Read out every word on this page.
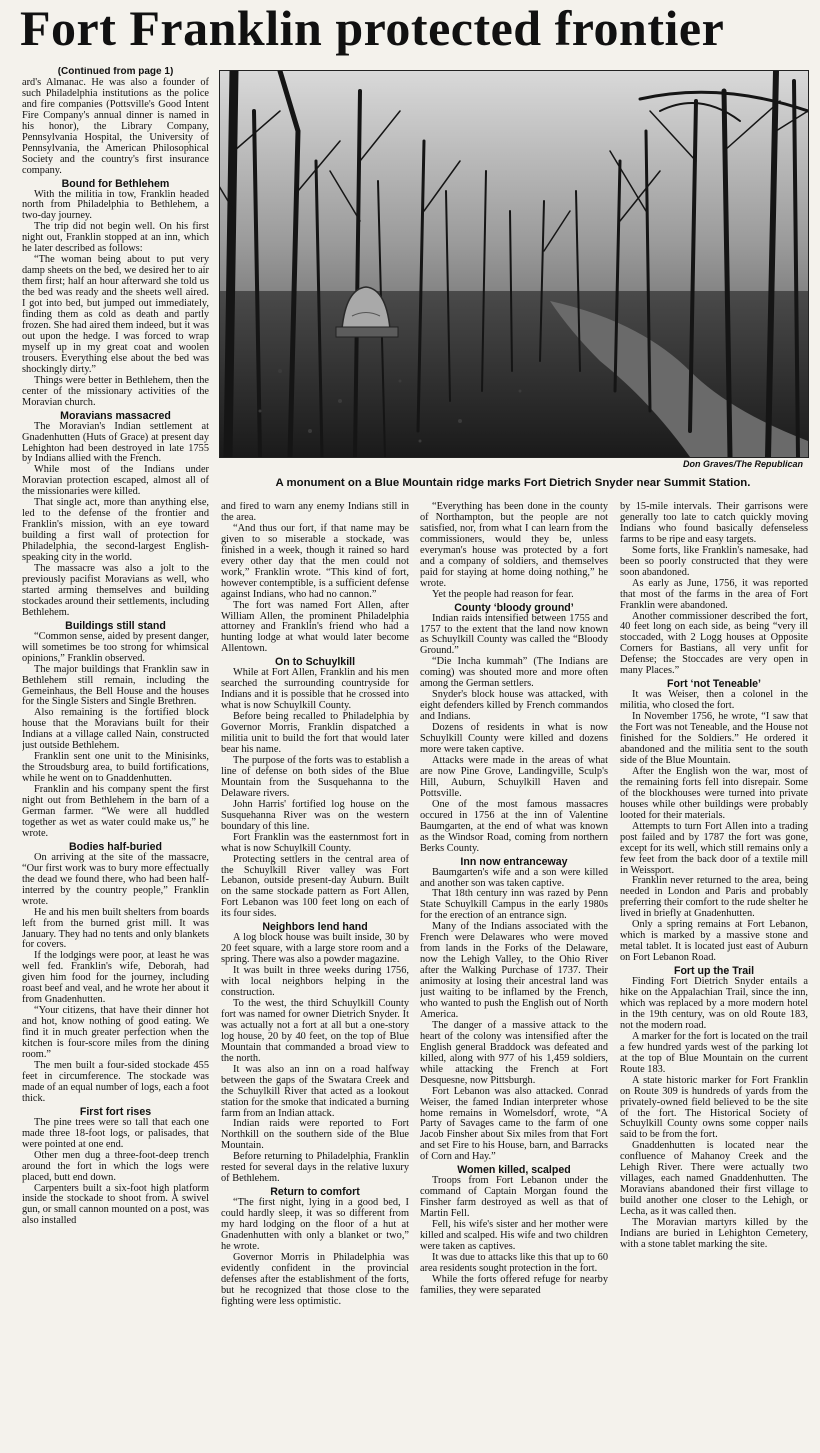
Fort Franklin protected frontier
Don Graves/The Republican
A monument on a Blue Mountain ridge marks Fort Dietrich Snyder near Summit Station.

(Continued from page 1)

ard's Almanac. He was also a founder of such Philadelphia institutions as the police and fire companies (Pottsville's Good Intent Fire Company's annual dinner is named in his honor), the Library Company, Pennsylvania Hospital, the University of Pennsylvania, the American Philosophical Society and the country's first insurance company.

Bound for Bethlehem

With the militia in tow, Franklin headed north from Philadelphia to Bethlehem, a two-day journey.

The trip did not begin well. On his first night out, Franklin stopped at an inn, which he later described as follows:

“The woman being about to put very damp sheets on the bed, we desired her to air them first; half an hour afterward she told us the bed was ready and the sheets well aired. I got into bed, but jumped out immediately, finding them as cold as death and partly frozen. She had aired them indeed, but it was out upon the hedge. I was forced to wrap myself up in my great coat and woolen trousers. Everything else about the bed was shockingly dirty.”

Things were better in Bethlehem, then the center of the missionary activities of the Moravian church.

Moravians massacred

The Moravian's Indian settlement at Gnadenhutten (Huts of Grace) at present day Lehighton had been destroyed in late 1755 by Indians allied with the French.

While most of the Indians under Moravian protection escaped, almost all of the missionaries were killed.

That single act, more than anything else, led to the defense of the frontier and Franklin's mission, with an eye toward building a first wall of protection for Philadelphia, the second-largest English-speaking city in the world.

The massacre was also a jolt to the previously pacifist Moravians as well, who started arming themselves and building stockades around their settlements, including Bethlehem.

Buildings still stand

“Common sense, aided by present danger, will sometimes be too strong for whimsical opinions,” Franklin observed.

The major buildings that Franklin saw in Bethlehem still remain, including the Gemeinhaus, the Bell House and the houses for the Single Sisters and Single Brethren.

Also remaining is the fortified block house that the Moravians built for their Indians at a village called Nain, constructed just outside Bethlehem.

Franklin sent one unit to the Minisinks, the Stroudsburg area, to build fortifications, while he went on to Gnaddenhutten.

Franklin and his company spent the first night out from Bethlehem in the barn of a German farmer. “We were all huddled together as wet as water could make us,” he wrote.

Bodies half-buried

On arriving at the site of the massacre, “Our first work was to bury more effectually the dead we found there, who had been half-interred by the country people,” Franklin wrote.

He and his men built shelters from boards left from the burned grist mill. It was January. They had no tents and only blankets for covers.

If the lodgings were poor, at least he was well fed. Franklin's wife, Deborah, had given him food for the journey, including roast beef and veal, and he wrote her about it from Gnadenhutten.

“Your citizens, that have their dinner hot and hot, know nothing of good eating. We find it in much greater perfection when the kitchen is four-score miles from the dining room.”

The men built a four-sided stockade 455 feet in circumference. The stockade was made of an equal number of logs, each a foot thick.

First fort rises

The pine trees were so tall that each one made three 18-foot logs, or palisades, that were pointed at one end.

Other men dug a three-foot-deep trench around the fort in which the logs were placed, butt end down.

Carpenters built a six-foot high platform inside the stockade to shoot from. A swivel gun, or small cannon mounted on a post, was also installed

and fired to warn any enemy Indians still in the area.

“And thus our fort, if that name may be given to so miserable a stockade, was finished in a week, though it rained so hard every other day that the men could not work,” Franklin wrote. “This kind of fort, however contemptible, is a sufficient defense against Indians, who had no cannon.”

The fort was named Fort Allen, after William Allen, the prominent Philadelphia attorney and Franklin's friend who had a hunting lodge at what would later become Allentown.

On to Schuylkill

While at Fort Allen, Franklin and his men searched the surrounding countryside for Indians and it is possible that he crossed into what is now Schuylkill County.

Before being recalled to Philadelphia by Governor Morris, Franklin dispatched a militia unit to build the fort that would later bear his name.

The purpose of the forts was to establish a line of defense on both sides of the Blue Mountain from the Susquehanna to the Delaware rivers.

John Harris' fortified log house on the Susquehanna River was on the western boundary of this line.

Fort Franklin was the easternmost fort in what is now Schuylkill County.

Protecting settlers in the central area of the Schuylkill River valley was Fort Lebanon, outside present-day Auburn. Built on the same stockade pattern as Fort Allen, Fort Lebanon was 100 feet long on each of its four sides.

Neighbors lend hand

A log block house was built inside, 30 by 20 feet square, with a large store room and a spring. There was also a powder magazine.

It was built in three weeks during 1756, with local neighbors helping in the construction.

To the west, the third Schuylkill County fort was named for owner Dietrich Snyder. It was actually not a fort at all but a one-story log house, 20 by 40 feet, on the top of Blue Mountain that commanded a broad view to the north.

It was also an inn on a road halfway between the gaps of the Swatara Creek and the Schuylkill River that acted as a lookout station for the smoke that indicated a burning farm from an Indian attack.

Indian raids were reported to Fort Northkill on the southern side of the Blue Mountain.

Before returning to Philadelphia, Franklin rested for several days in the relative luxury of Bethlehem.

Return to comfort

“The first night, lying in a good bed, I could hardly sleep, it was so different from my hard lodging on the floor of a hut at Gnadenhutten with only a blanket or two,” he wrote.

Governor Morris in Philadelphia was evidently confident in the provincial defenses after the establishment of the forts, but he recognized that those close to the fighting were less optimistic.

“Everything has been done in the county of Northampton, but the people are not satisfied, nor, from what I can learn from the commissioners, would they be, unless everyman's house was protected by a fort and a company of soldiers, and themselves paid for staying at home doing nothing,” he wrote.

Yet the people had reason for fear.

County ‘bloody ground’

Indian raids intensified between 1755 and 1757 to the extent that the land now known as Schuylkill County was called the “Bloody Ground.”

“Die Incha kummah” (The Indians are coming) was shouted more and more often among the German settlers.

Snyder's block house was attacked, with eight defenders killed by French commandos and Indians.

Dozens of residents in what is now Schuylkill County were killed and dozens more were taken captive.

Attacks were made in the areas of what are now Pine Grove, Landingville, Sculp's Hill, Auburn, Schuylkill Haven and Pottsville.

One of the most famous massacres occured in 1756 at the inn of Valentine Baumgarten, at the end of what was known as the Windsor Road, coming from northern Berks County.

Inn now entranceway

Baumgarten's wife and a son were killed and another son was taken captive.

That 18th century inn was razed by Penn State Schuylkill Campus in the early 1980s for the erection of an entrance sign.

Many of the Indians associated with the French were Delawares who were moved from lands in the Forks of the Delaware, now the Lehigh Valley, to the Ohio River after the Walking Purchase of 1737. Their animosity at losing their ancestral land was just waiting to be inflamed by the French, who wanted to push the English out of North America.

The danger of a massive attack to the heart of the colony was intensified after the English general Braddock was defeated and killed, along with 977 of his 1,459 soldiers, while attacking the French at Fort Desquesne, now Pittsburgh.

Fort Lebanon was also attacked. Conrad Weiser, the famed Indian interpreter whose home remains in Womelsdorf, wrote, “A Party of Savages came to the farm of one Jacob Finsher about Six miles from that Fort and set Fire to his House, barn, and Barracks of Corn and Hay.”

Women killed, scalped

Troops from Fort Lebanon under the command of Captain Morgan found the Finsher farm destroyed as well as that of Martin Fell.

Fell, his wife's sister and her mother were killed and scalped. His wife and two children were taken as captives.

It was due to attacks like this that up to 60 area residents sought protection in the fort.

While the forts offered refuge for nearby families, they were separated

by 15-mile intervals. Their garrisons were generally too late to catch quickly moving Indians who found basically defenseless farms to be ripe and easy targets.

Some forts, like Franklin's namesake, had been so poorly constructed that they were soon abandoned.

As early as June, 1756, it was reported that most of the farms in the area of Fort Franklin were abandoned.

Another commissioner described the fort, 40 feet long on each side, as being “very ill stoccaded, with 2 Logg houses at Opposite Corners for Bastians, all very unfit for Defense; the Stoccades are very open in many Places.”

Fort ‘not Teneable’

It was Weiser, then a colonel in the militia, who closed the fort.

In November 1756, he wrote, “I saw that the Fort was not Teneable, and the House not finished for the Soldiers.” He ordered it abandoned and the militia sent to the south side of the Blue Mountain.

After the English won the war, most of the remaining forts fell into disrepair. Some of the blockhouses were turned into private houses while other buildings were probably looted for their materials.

Attempts to turn Fort Allen into a trading post failed and by 1787 the fort was gone, except for its well, which still remains only a few feet from the back door of a textile mill in Weissport.

Franklin never returned to the area, being needed in London and Paris and probably preferring their comfort to the rude shelter he lived in briefly at Gnadenhutten.

Only a spring remains at Fort Lebanon, which is marked by a massive stone and metal tablet. It is located just east of Auburn on Fort Lebanon Road.

Fort up the Trail

Finding Fort Dietrich Snyder entails a hike on the Appalachian Trail, since the inn, which was replaced by a more modern hotel in the 19th century, was on old Route 183, not the modern road.

A marker for the fort is located on the trail a few hundred yards west of the parking lot at the top of Blue Mountain on the current Route 183.

A state historic marker for Fort Franklin on Route 309 is hundreds of yards from the privately-owned field believed to be the site of the fort. The Historical Society of Schuylkill County owns some copper nails said to be from the fort.

Gnaddenhutten is located near the confluence of Mahanoy Creek and the Lehigh River. There were actually two villages, each named Gnaddenhutten. The Moravians abandoned their first village to build another one closer to the Lehigh, or Lecha, as it was called then.

The Moravian martyrs killed by the Indians are buried in Lehighton Cemetery, with a stone tablet marking the site.
